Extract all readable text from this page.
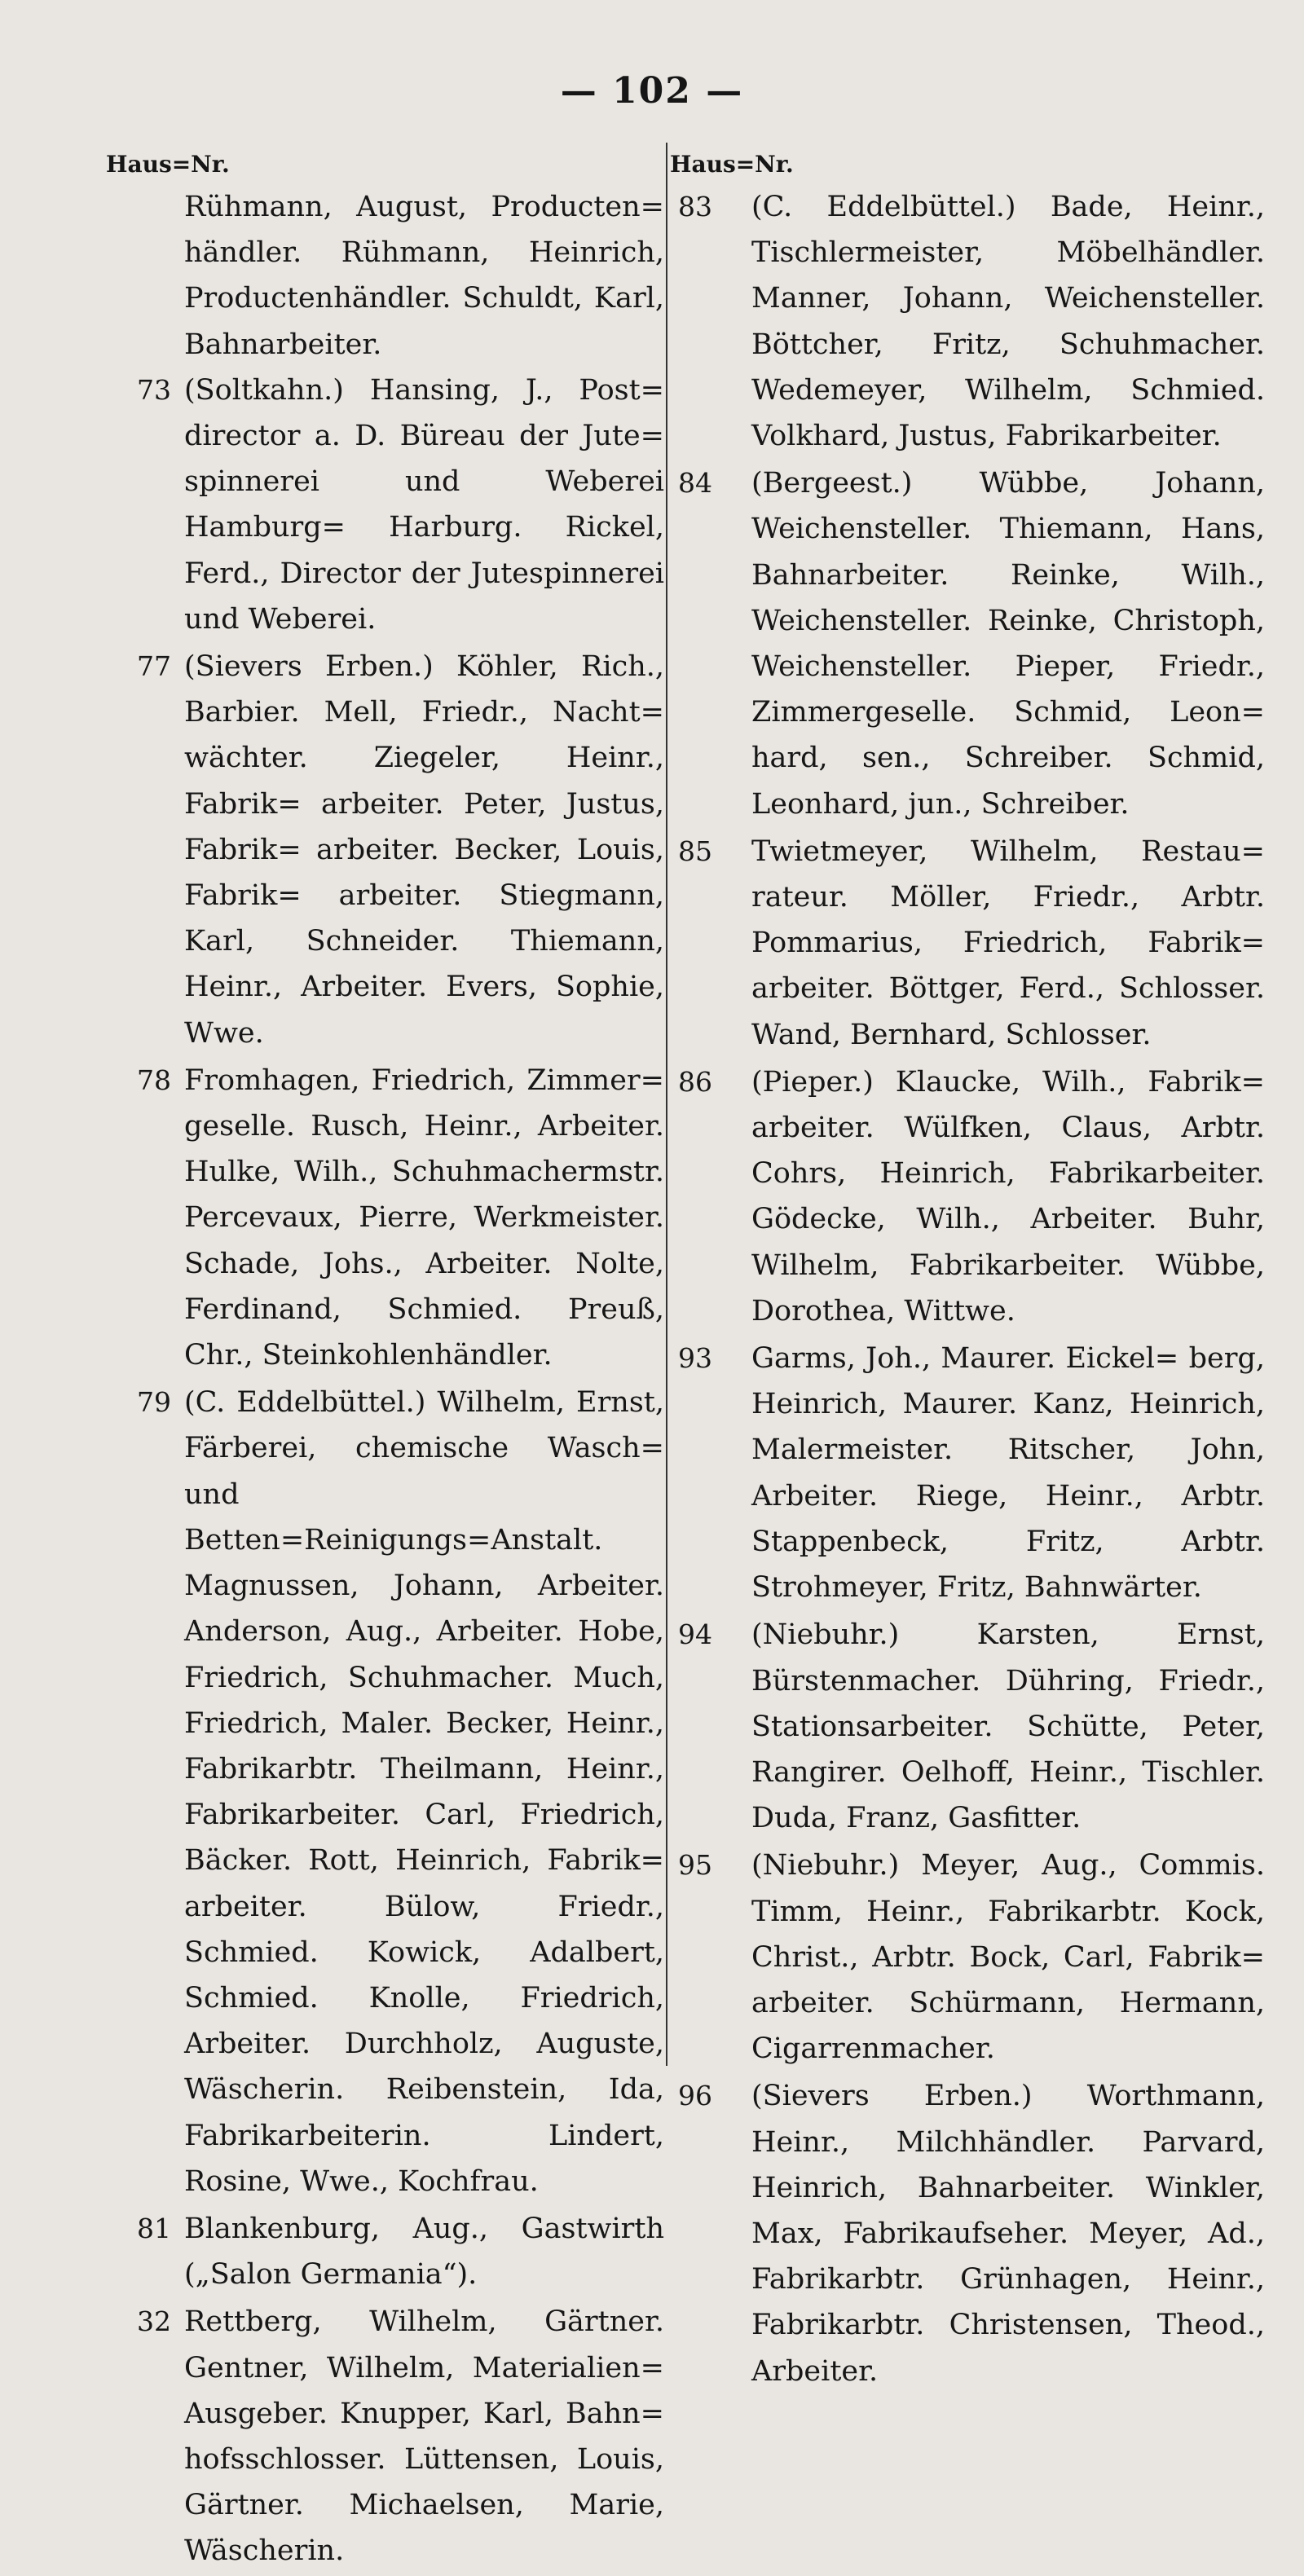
— 102 —
Haus=Nr.
Rühmann, August, Producten= händler. Rühmann, Heinrich, Productenhändler. Schuldt, Karl, Bahnarbeiter.
73 (Soltkahn.) Hansing, J., Post= director a. D. Büreau der Jute= spinnerei und Weberei Hamburg= Harburg. Rickel, Ferd., Director der Jutespinnerei und Weberei.
77 (Sievers Erben.) Köhler, Rich., Barbier. Mell, Friedr., Nacht= wächter. Ziegeler, Heinr., Fabrik= arbeiter. Peter, Justus, Fabrik= arbeiter. Becker, Louis, Fabrik= arbeiter. Stiegmann, Karl, Schneider. Thiemann, Heinr., Arbeiter. Evers, Sophie, Wwe.
78 Fromhagen, Friedrich, Zimmer= geselle. Rusch, Heinr., Arbeiter. Hulke, Wilh., Schuhmachermstr. Percevaux, Pierre, Werkmeister. Schade, Johs., Arbeiter. Nolte, Ferdinand, Schmied. Preuß, Chr., Steinkohlenhändler.
79 (C. Eddelbüttel.) Wilhelm, Ernst, Färberei, chemische Wasch= und Betten=Reinigungs=Anstalt. Magnussen, Johann, Arbeiter. Anderson, Aug., Arbeiter. Hobe, Friedrich, Schuhmacher. Much, Friedrich, Maler. Becker, Heinr., Fabrikarbtr. Theilmann, Heinr., Fabrikarbeiter. Carl, Friedrich, Bäcker. Rott, Heinrich, Fabrik= arbeiter. Bülow, Friedr., Schmied. Kowick, Adalbert, Schmied. Knolle, Friedrich, Arbeiter. Durchholz, Auguste, Wäscherin. Reibenstein, Ida, Fabrikarbeiterin. Lindert, Rosine, Wwe., Kochfrau.
81 Blankenburg, Aug., Gastwirth („Salon Germania“).
32 Rettberg, Wilhelm, Gärtner. Gentner, Wilhelm, Materialien= Ausgeber. Knupper, Karl, Bahn= hofsschlosser. Lüttensen, Louis, Gärtner. Michaelsen, Marie, Wäscherin.
Haus=Nr.
83	(C. Eddelbüttel.) Bade, Heinr., Tischlermeister, Möbelhändler. Manner, Johann, Weichensteller. Böttcher, Fritz, Schuhmacher. Wedemeyer, Wilhelm, Schmied. Volkhard, Justus, Fabrikarbeiter.
84	(Bergeest.) Wübbe, Johann, Weichensteller. Thiemann, Hans, Bahnarbeiter. Reinke, Wilh., Weichensteller. Reinke, Christoph, Weichensteller. Pieper, Friedr., Zimmergeselle. Schmid, Leon= hard, sen., Schreiber. Schmid, Leonhard, jun., Schreiber.
85	Twietmeyer, Wilhelm, Restau= rateur. Möller, Friedr., Arbtr. Pommarius, Friedrich, Fabrik= arbeiter. Böttger, Ferd., Schlosser. Wand, Bernhard, Schlosser.
86	(Pieper.) Klaucke, Wilh., Fabrik= arbeiter. Wülfken, Claus, Arbtr. Cohrs, Heinrich, Fabrikarbeiter. Gödecke, Wilh., Arbeiter. Buhr, Wilhelm, Fabrikarbeiter. Wübbe, Dorothea, Wittwe.
93	Garms, Joh., Maurer. Eickel= berg, Heinrich, Maurer. Kanz, Heinrich, Malermeister. Ritscher, John, Arbeiter. Riege, Heinr., Arbtr. Stappenbeck, Fritz, Arbtr. Strohmeyer, Fritz, Bahnwärter.
94	(Niebuhr.) Karsten, Ernst, Bürstenmacher. Dühring, Friedr., Stationsarbeiter. Schütte, Peter, Rangirer. Oelhoff, Heinr., Tischler. Duda, Franz, Gasfitter.
95	(Niebuhr.) Meyer, Aug., Commis. Timm, Heinr., Fabrikarbtr. Kock, Christ., Arbtr. Bock, Carl, Fabrik= arbeiter. Schürmann, Hermann, Cigarrenmacher.
96	(Sievers Erben.) Worthmann, Heinr., Milchhändler. Parvard, Heinrich, Bahnarbeiter. Winkler, Max, Fabrikaufseher. Meyer, Ad., Fabrikarbtr. Grünhagen, Heinr., Fabrikarbtr. Christensen, Theod., Arbeiter.
